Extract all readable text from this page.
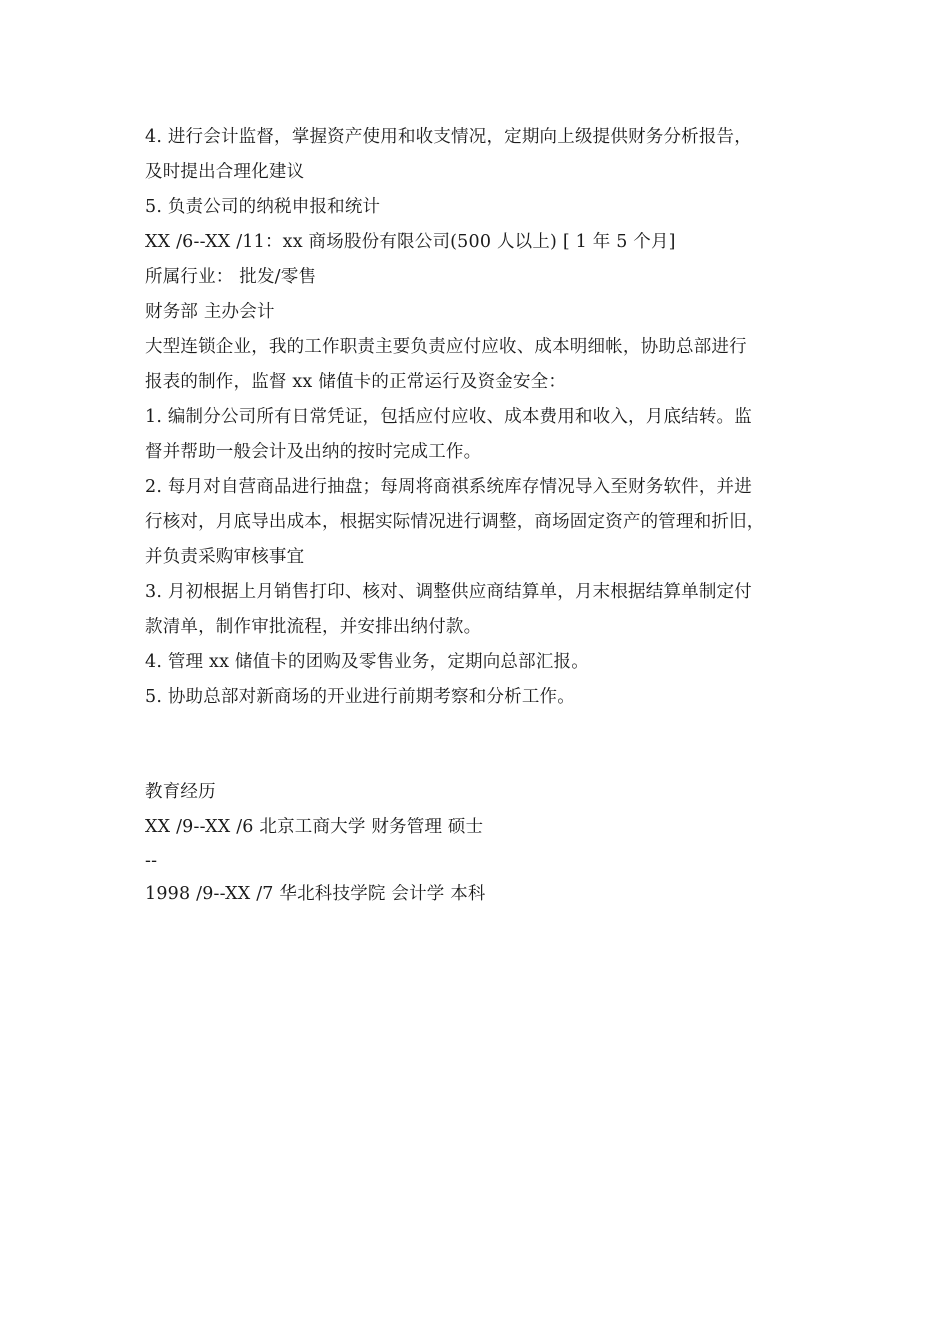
4. 进行会计监督，掌握资产使用和收支情况，定期向上级提供财务分析报告，
及时提出合理化建议
5. 负责公司的纳税申报和统计
XX /6--XX /11：xx 商场股份有限公司(500 人以上) [ 1 年 5 个月]
所属行业： 批发/零售
财务部 主办会计
大型连锁企业，我的工作职责主要负责应付应收、成本明细帐，协助总部进行
报表的制作，监督 xx 储值卡的正常运行及资金安全：
1. 编制分公司所有日常凭证，包括应付应收、成本费用和收入，月底结转。监
督并帮助一般会计及出纳的按时完成工作。
2. 每月对自营商品进行抽盘；每周将商祺系统库存情况导入至财务软件，并进
行核对，月底导出成本，根据实际情况进行调整，商场固定资产的管理和折旧，
并负责采购审核事宜
3. 月初根据上月销售打印、核对、调整供应商结算单，月末根据结算单制定付
款清单，制作审批流程，并安排出纳付款。
4. 管理 xx 储值卡的团购及零售业务，定期向总部汇报。
5. 协助总部对新商场的开业进行前期考察和分析工作。
教育经历
XX /9--XX /6 北京工商大学 财务管理 硕士
--
1998 /9--XX /7 华北科技学院 会计学 本科
